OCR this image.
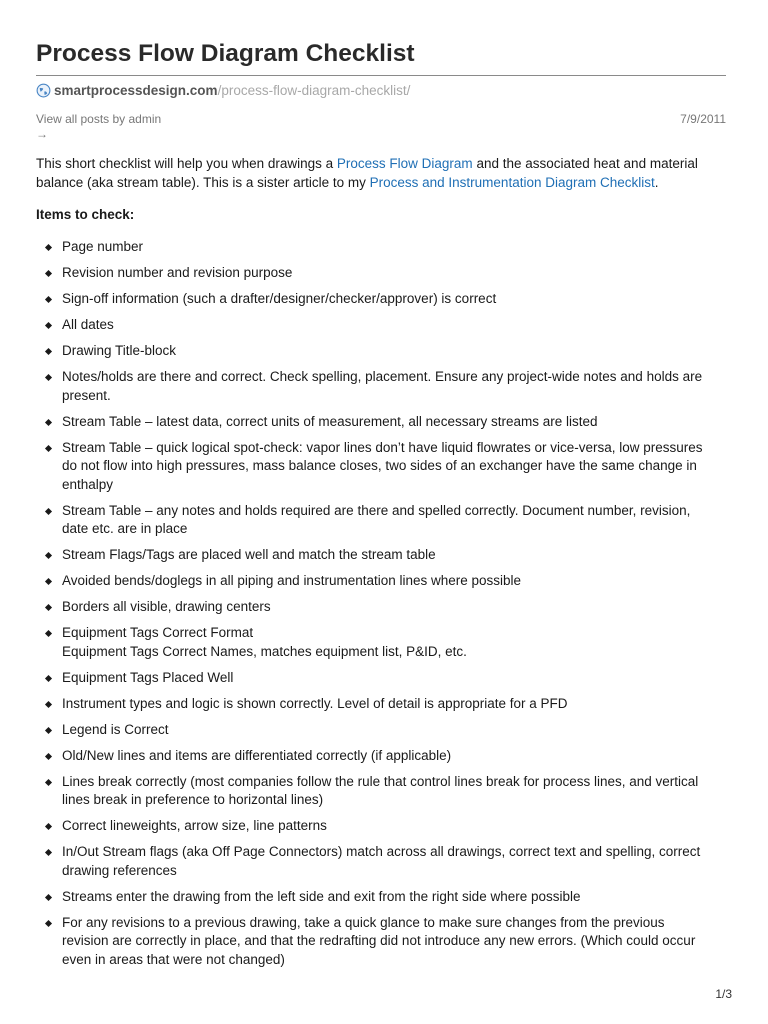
Process Flow Diagram Checklist
smartprocessdesign.com /process-flow-diagram-checklist/
View all posts by admin
→
7/9/2011

This short checklist will help you when drawings a Process Flow Diagram and the associated heat and material balance (aka stream table). This is a sister article to my Process and Instrumentation Diagram Checklist.

Items to check:

Page number
Revision number and revision purpose
Sign-off information (such a drafter/designer/checker/approver) is correct
All dates
Drawing Title-block
Notes/holds are there and correct. Check spelling, placement. Ensure any project-wide notes and holds are present.
Stream Table – latest data, correct units of measurement, all necessary streams are listed
Stream Table – quick logical spot-check: vapor lines don’t have liquid flowrates or vice-versa, low pressures do not flow into high pressures, mass balance closes, two sides of an exchanger have the same change in enthalpy
Stream Table – any notes and holds required are there and spelled correctly. Document number, revision, date etc. are in place
Stream Flags/Tags are placed well and match the stream table
Avoided bends/doglegs in all piping and instrumentation lines where possible
Borders all visible, drawing centers
Equipment Tags Correct Format
Equipment Tags Correct Names, matches equipment list, P&ID, etc.
Equipment Tags Placed Well
Instrument types and logic is shown correctly. Level of detail is appropriate for a PFD
Legend is Correct
Old/New lines and items are differentiated correctly (if applicable)
Lines break correctly (most companies follow the rule that control lines break for process lines, and vertical lines break in preference to horizontal lines)
Correct lineweights, arrow size, line patterns
In/Out Stream flags (aka Off Page Connectors) match across all drawings, correct text and spelling, correct drawing references
Streams enter the drawing from the left side and exit from the right side where possible
For any revisions to a previous drawing, take a quick glance to make sure changes from the previous revision are correctly in place, and that the redrafting did not introduce any new errors. (Which could occur even in areas that were not changed)
1/3
